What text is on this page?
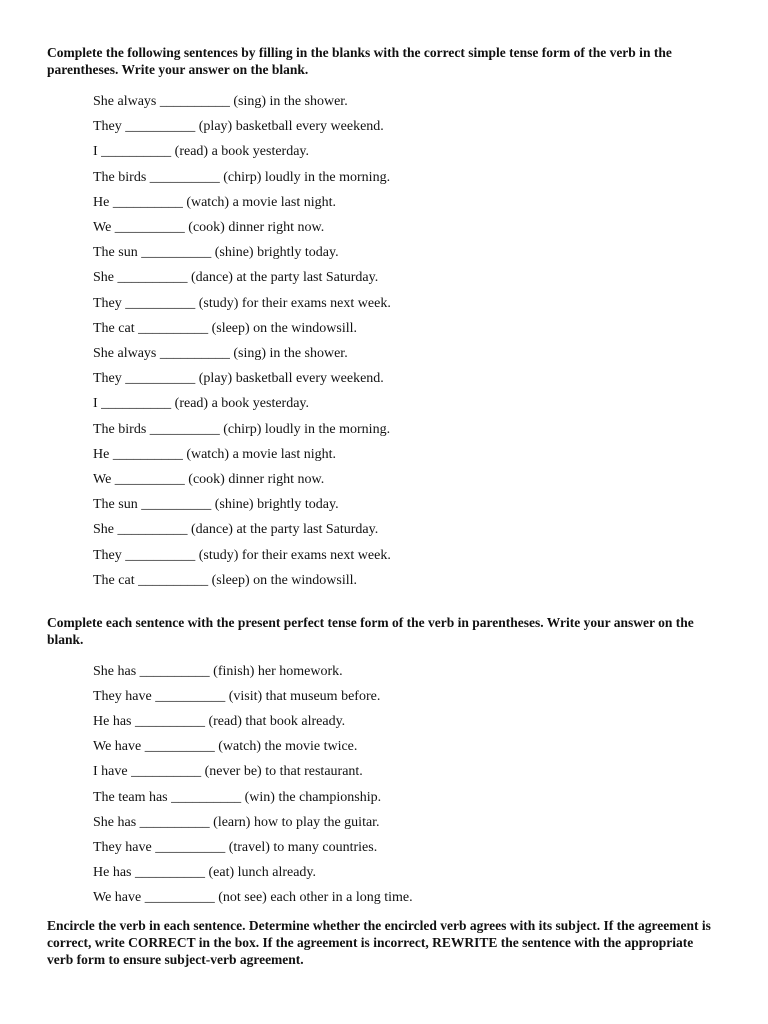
Complete the following sentences by filling in the blanks with the correct simple tense form of the verb in the parentheses. Write your answer on the blank.
She always __________ (sing) in the shower.
They __________ (play) basketball every weekend.
I __________ (read) a book yesterday.
The birds __________ (chirp) loudly in the morning.
He __________ (watch) a movie last night.
We __________ (cook) dinner right now.
The sun __________ (shine) brightly today.
She __________ (dance) at the party last Saturday.
They __________ (study) for their exams next week.
The cat __________ (sleep) on the windowsill.
She always __________ (sing) in the shower.
They __________ (play) basketball every weekend.
I __________ (read) a book yesterday.
The birds __________ (chirp) loudly in the morning.
He __________ (watch) a movie last night.
We __________ (cook) dinner right now.
The sun __________ (shine) brightly today.
She __________ (dance) at the party last Saturday.
They __________ (study) for their exams next week.
The cat __________ (sleep) on the windowsill.
Complete each sentence with the present perfect tense form of the verb in parentheses. Write your answer on the blank.
She has __________ (finish) her homework.
They have __________ (visit) that museum before.
He has __________ (read) that book already.
We have __________ (watch) the movie twice.
I have __________ (never be) to that restaurant.
The team has __________ (win) the championship.
She has __________ (learn) how to play the guitar.
They have __________ (travel) to many countries.
He has __________ (eat) lunch already.
We have __________ (not see) each other in a long time.
Encircle the verb in each sentence. Determine whether the encircled verb agrees with its subject. If the agreement is correct, write CORRECT in the box. If the agreement is incorrect, REWRITE the sentence with the appropriate verb form to ensure subject-verb agreement.
